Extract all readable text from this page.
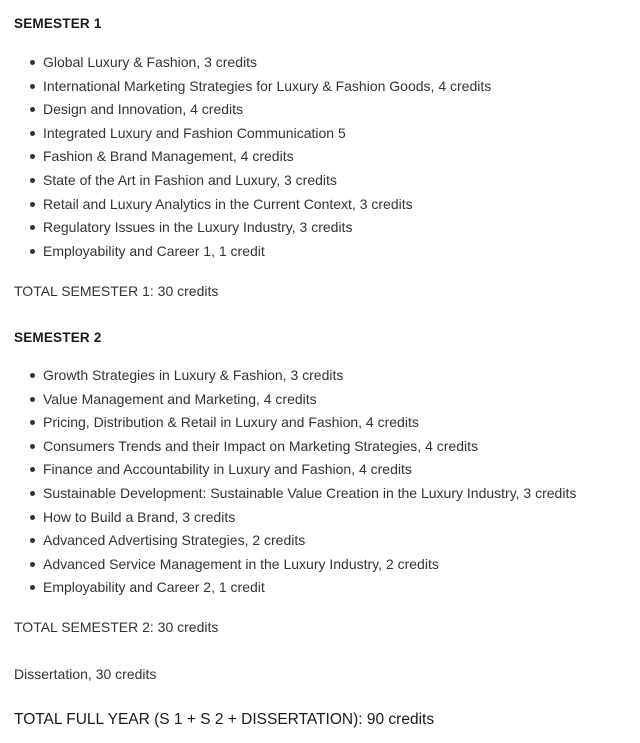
SEMESTER 1
Global Luxury & Fashion, 3 credits
International Marketing Strategies for Luxury & Fashion Goods, 4 credits
Design and Innovation, 4 credits
Integrated Luxury and Fashion Communication 5
Fashion & Brand Management, 4 credits
State of the Art in Fashion and Luxury, 3 credits
Retail and Luxury Analytics in the Current Context, 3 credits
Regulatory Issues in the Luxury Industry, 3 credits
Employability and Career 1, 1 credit
TOTAL SEMESTER 1: 30 credits
SEMESTER 2
Growth Strategies in Luxury & Fashion, 3 credits
Value Management and Marketing, 4 credits
Pricing, Distribution & Retail in Luxury and Fashion, 4 credits
Consumers Trends and their Impact on Marketing Strategies, 4 credits
Finance and Accountability in Luxury and Fashion, 4 credits
Sustainable Development: Sustainable Value Creation in the Luxury Industry, 3 credits
How to Build a Brand, 3 credits
Advanced Advertising Strategies, 2 credits
Advanced Service Management in the Luxury Industry, 2 credits
Employability and Career 2, 1 credit
TOTAL SEMESTER 2: 30 credits
Dissertation, 30 credits
TOTAL FULL YEAR (S 1 + S 2 + DISSERTATION): 90 credits
